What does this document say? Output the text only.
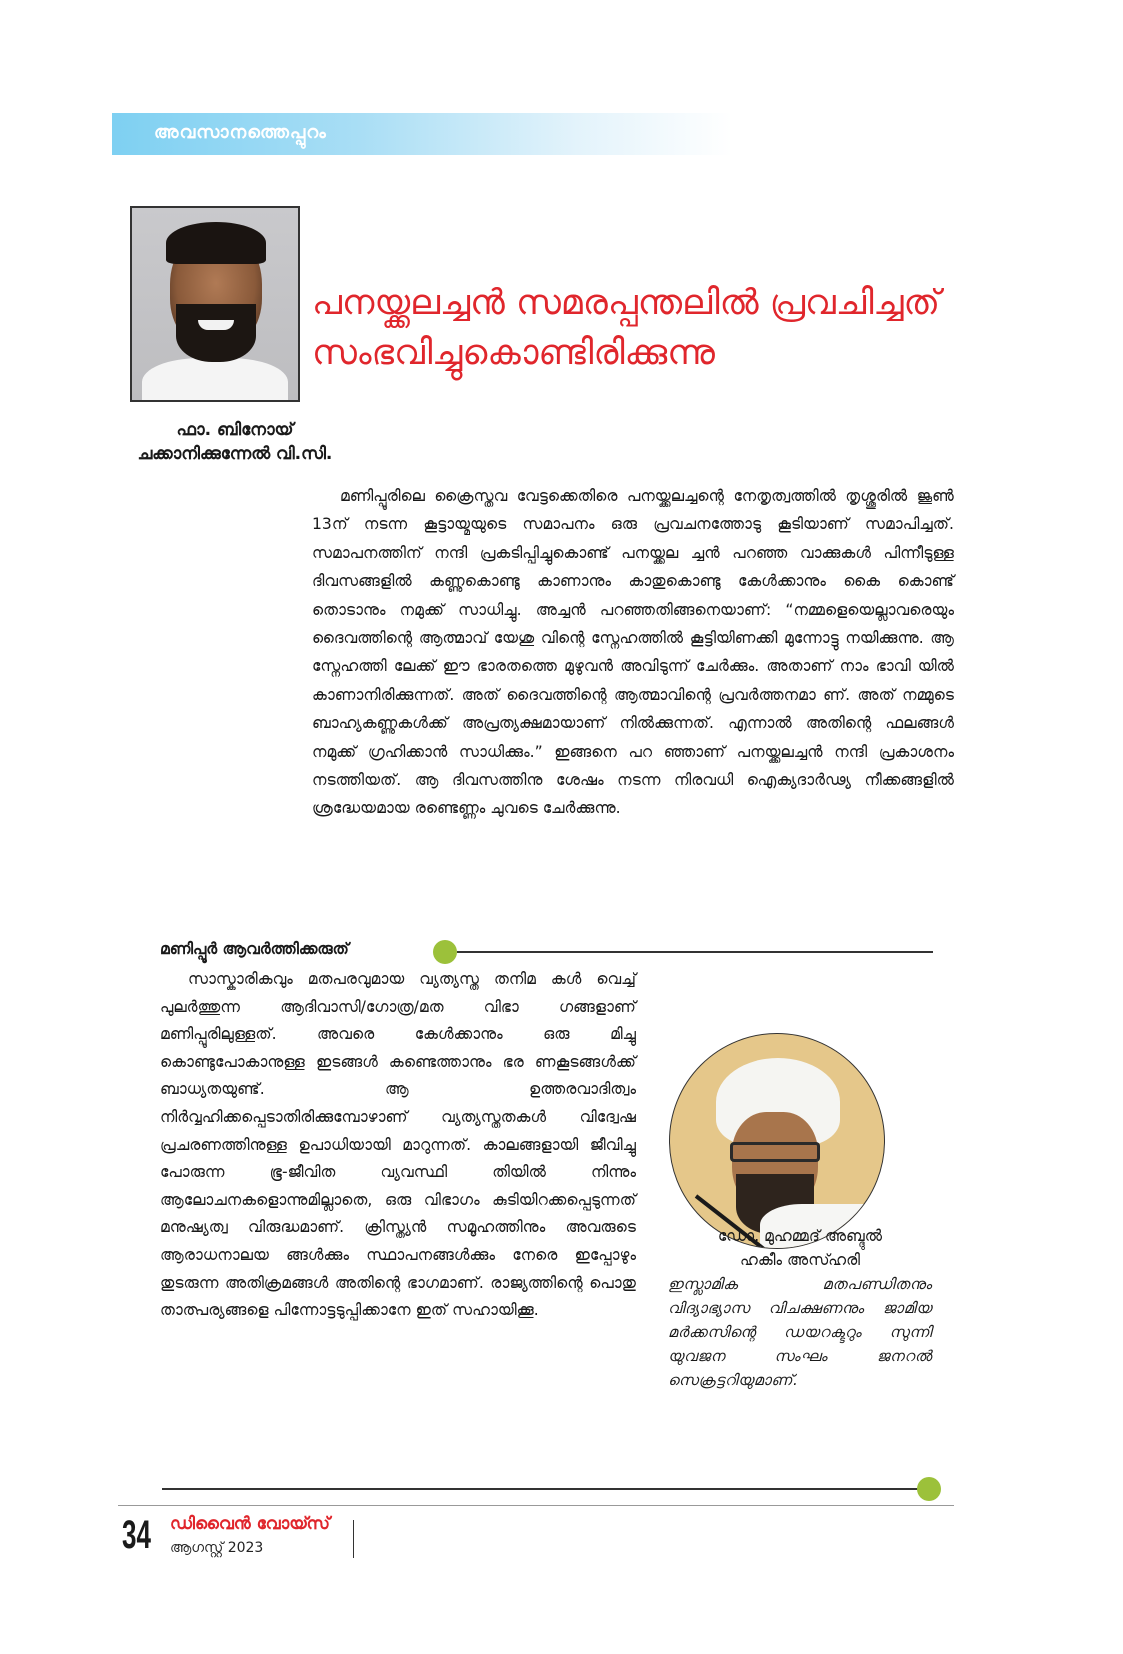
അവസാനത്തെപ്പുറം
പനയ്ക്കലച്ചൻ സമരപ്പന്തലിൽ പ്രവചിച്ചത്
സംഭവിച്ചുകൊണ്ടിരിക്കുന്നു
ഫാ. ബിനോയ്
ചക്കാനിക്കുന്നേൽ വി.സി.

മണിപ്പൂരിലെ ക്രൈസ്തവ വേട്ടക്കെതിരെ പനയ്ക്കലച്ചന്റെ നേതൃത്വത്തിൽ തൃശ്ശൂരിൽ ജൂൺ 13ന് നടന്ന കൂട്ടായ്മയുടെ സമാപനം ഒരു പ്രവചനത്തോടു കൂടിയാണ് സമാപിച്ചത്. സമാപനത്തിന് നന്ദി പ്രകടിപ്പിച്ചുകൊണ്ട് പനയ്ക്കല ച്ചൻ പറഞ്ഞ വാക്കുകൾ പിന്നീടുള്ള ദിവസങ്ങളിൽ കണ്ണുകൊണ്ടു കാണാനും കാതുകൊണ്ടു കേൾക്കാനും കൈ കൊണ്ട് തൊടാനും നമുക്ക് സാധിച്ചു. അച്ചൻ പറഞ്ഞതിങ്ങനെയാണ്: “നമ്മളെയെല്ലാവരെയും ദൈവത്തിന്റെ ആത്മാവ് യേശു വിന്റെ സ്നേഹത്തിൽ കൂട്ടിയിണക്കി മുന്നോട്ടു നയിക്കുന്നു. ആ സ്നേഹത്തി ലേക്ക് ഈ ഭാരതത്തെ മുഴുവൻ അവിടുന്ന് ചേർക്കും. അതാണ് നാം ഭാവി യിൽ കാണാനിരിക്കുന്നത്. അത് ദൈവത്തിന്റെ ആത്മാവിന്റെ പ്രവർത്തനമാ ണ്. അത് നമ്മുടെ ബാഹ്യകണ്ണുകൾക്ക് അപ്രത്യക്ഷമായാണ് നിൽക്കുന്നത്. എന്നാൽ അതിന്റെ ഫലങ്ങൾ നമുക്ക് ഗ്രഹിക്കാൻ സാധിക്കും.” ഇങ്ങനെ പറ ഞ്ഞാണ് പനയ്ക്കലച്ചൻ നന്ദി പ്രകാശനം നടത്തിയത്. ആ ദിവസത്തിനു ശേഷം നടന്ന നിരവധി ഐക്യദാർഢ്യ നീക്കങ്ങളിൽ ശ്രദ്ധേയമായ രണ്ടെണ്ണം ചുവടെ ചേർക്കുന്നു.

മണിപ്പൂർ ആവർത്തിക്കരുത്

സാസ്കാരികവും മതപരവുമായ വ്യത്യസ്ത തനിമ കൾ വെച്ച് പുലർത്തുന്ന ആദിവാസി/ഗോത്ര/മത വിഭാ ഗങ്ങളാണ് മണിപ്പൂരിലുള്ളത്. അവരെ കേൾക്കാനും ഒരു മിച്ചു കൊണ്ടുപോകാനുള്ള ഇടങ്ങൾ കണ്ടെത്താനും ഭര ണകൂടങ്ങൾക്ക് ബാധ്യതയുണ്ട്. ആ ഉത്തരവാദിത്വം നിർവ്വഹിക്കപ്പെടാതിരിക്കുമ്പോഴാണ് വ്യത്യസ്തതകൾ വിദ്വേഷ പ്രചരണത്തിനുള്ള ഉപാധിയായി മാറുന്നത്. കാലങ്ങളായി ജീവിച്ചു പോരുന്ന ഭൂ-ജീവിത വ്യവസ്ഥി തിയിൽ നിന്നും ആലോചനകളൊന്നുമില്ലാതെ, ഒരു വിഭാഗം കുടിയിറക്കപ്പെടുന്നത് മനുഷ്യത്വ വിരുദ്ധമാണ്. ക്രിസ്ത്യൻ സമൂഹത്തിനും അവരുടെ ആരാധനാലയ ങ്ങൾക്കും സ്ഥാപനങ്ങൾക്കും നേരെ ഇപ്പോഴും തുടരുന്ന അതിക്രമങ്ങൾ അതിന്റെ ഭാഗമാണ്. രാജ്യത്തിന്റെ പൊതു താത്പര്യങ്ങളെ പിന്നോട്ടടുപ്പിക്കാനേ ഇത് സഹായിക്കൂ.

ഡോ. മുഹമ്മദ് അബ്ദുൽ
ഹകീം അസ്ഹരി
ഇസ്ലാമിക മതപണ്ഡിതനും വിദ്യാഭ്യാസ വിചക്ഷണനും ജാമിയ മർക്കസിന്റെ ഡയറക്ടറും സുന്നി യുവജന സംഘം ജനറൽ സെക്രട്ടറിയുമാണ്.
34 ഡിവൈൻ വോയ്സ്
ആഗസ്റ്റ് 2023
